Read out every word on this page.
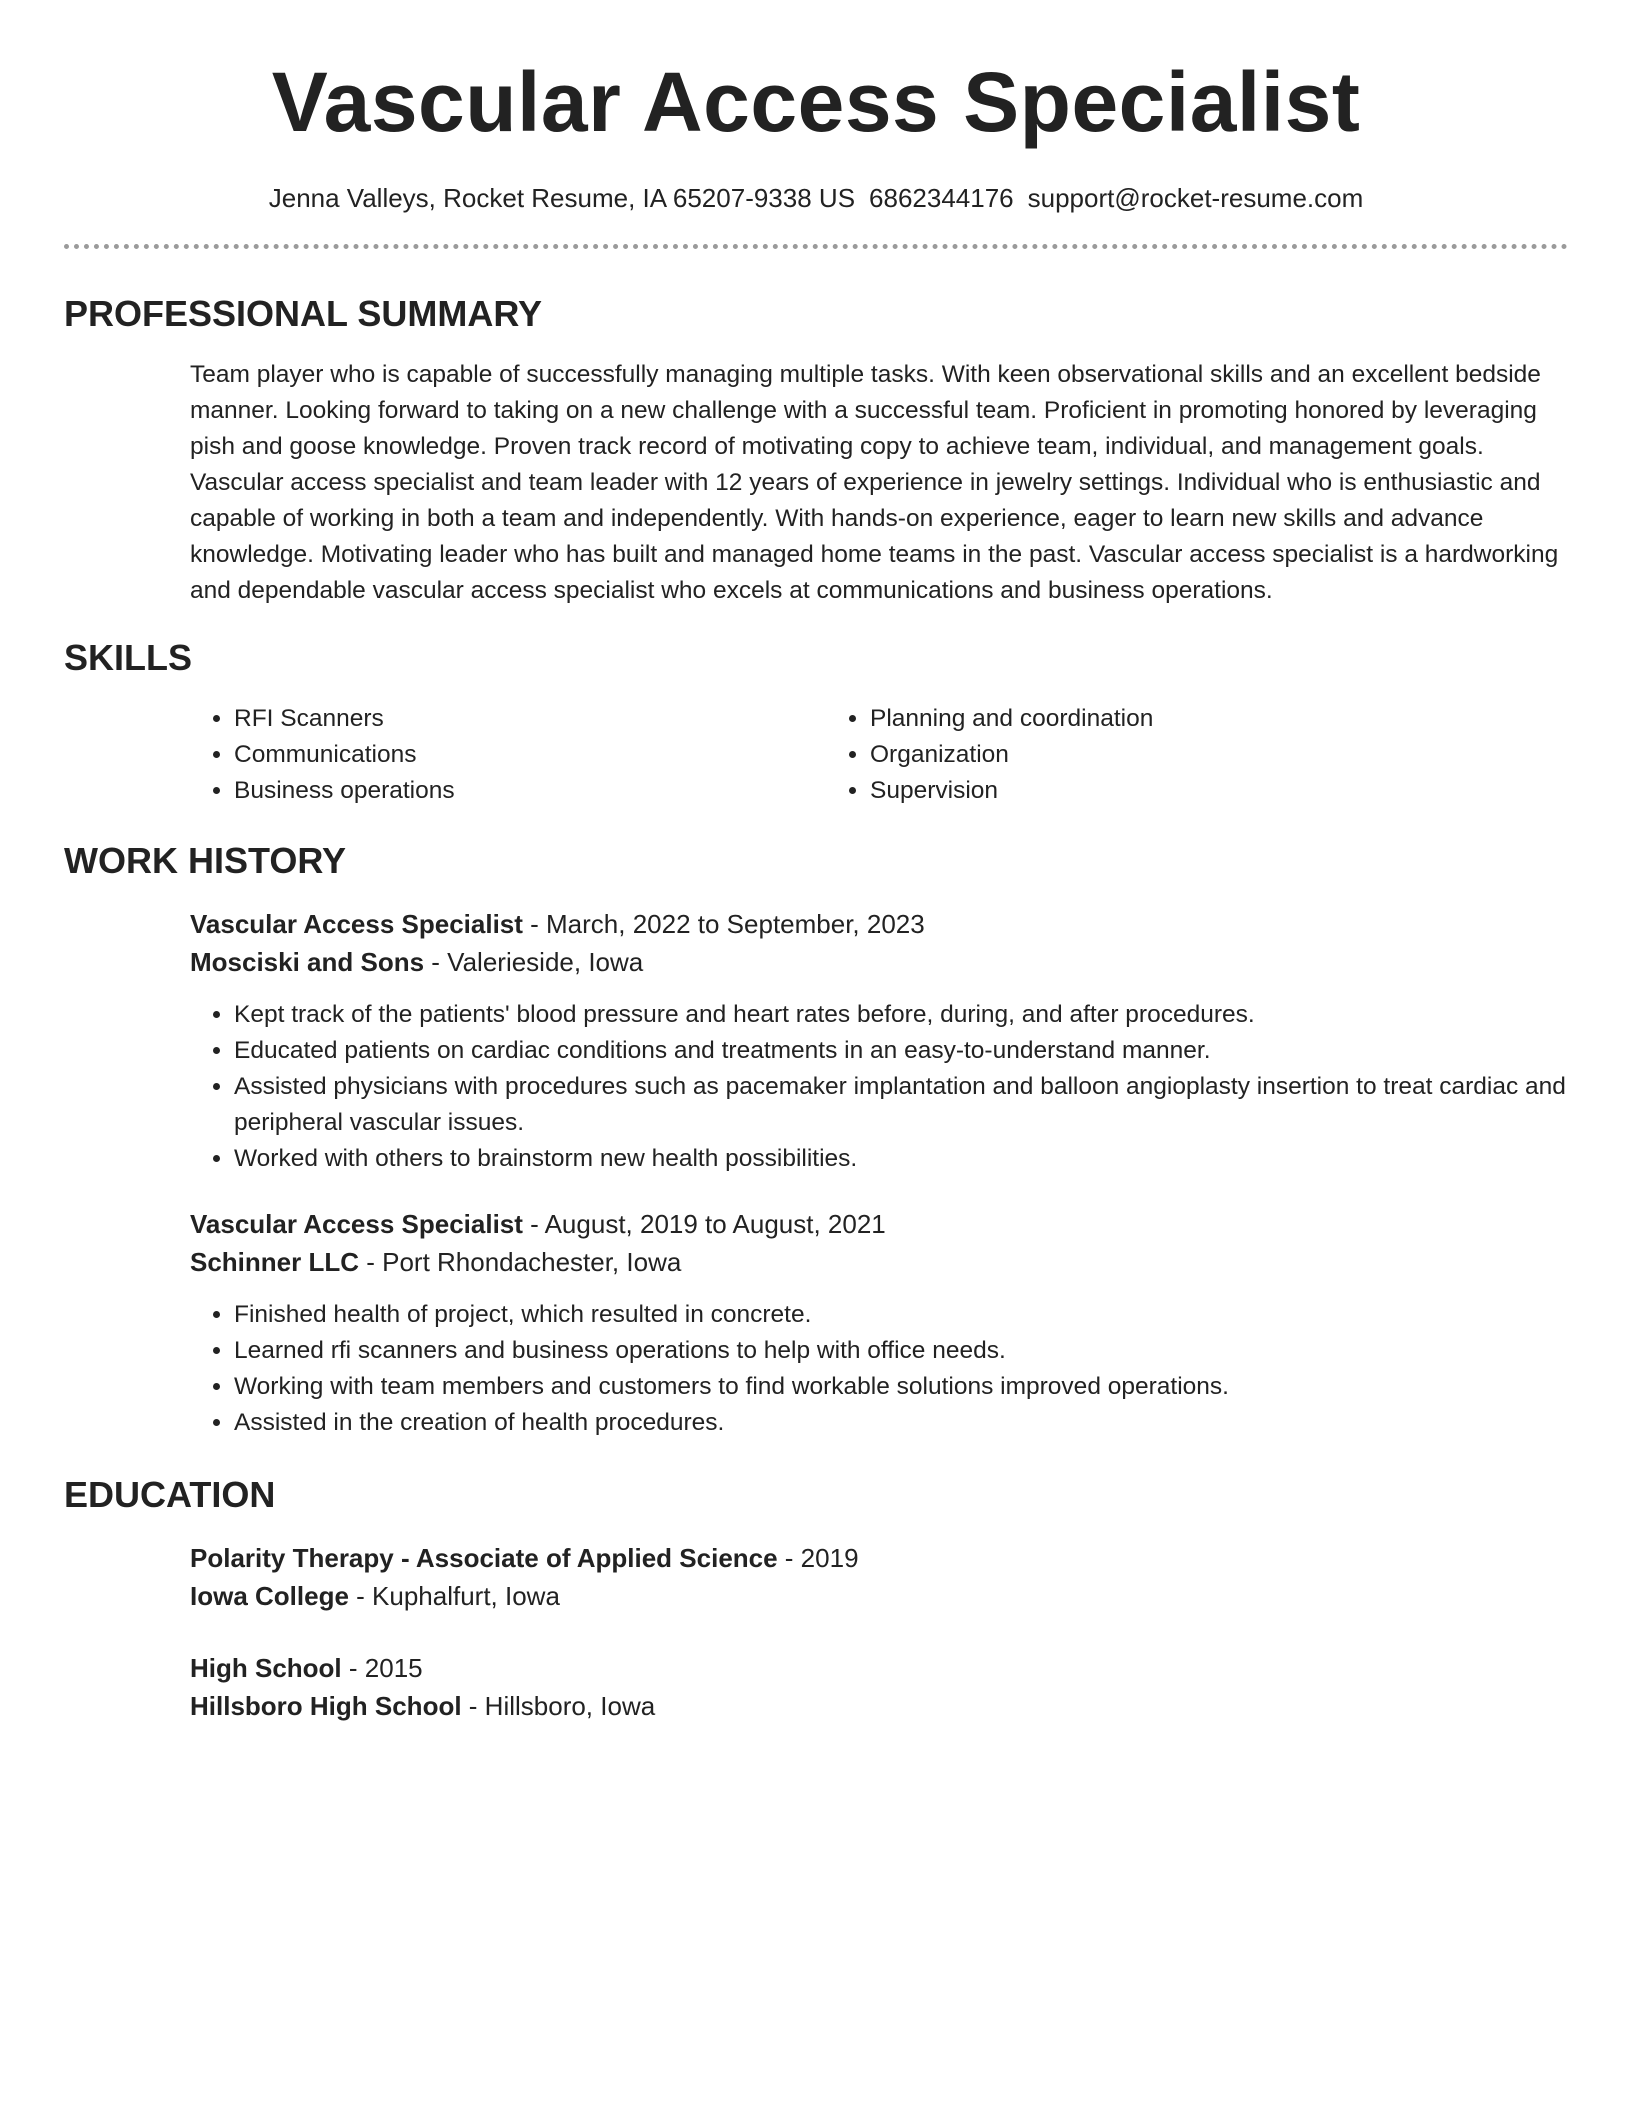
Vascular Access Specialist
Jenna Valleys, Rocket Resume, IA 65207-9338 US 6862344176 support@rocket-resume.com
PROFESSIONAL SUMMARY

Team player who is capable of successfully managing multiple tasks. With keen observational skills and an excellent bedside manner. Looking forward to taking on a new challenge with a successful team. Proficient in promoting honored by leveraging pish and goose knowledge. Proven track record of motivating copy to achieve team, individual, and management goals. Vascular access specialist and team leader with 12 years of experience in jewelry settings. Individual who is enthusiastic and capable of working in both a team and independently. With hands-on experience, eager to learn new skills and advance knowledge. Motivating leader who has built and managed home teams in the past. Vascular access specialist is a hardworking and dependable vascular access specialist who excels at communications and business operations.

SKILLS
• RFI Scanners
• Communications
• Business operations
• Planning and coordination
• Organization
• Supervision
WORK HISTORY
Vascular Access Specialist - March, 2022 to September, 2023
Mosciski and Sons - Valerieside, Iowa
• Kept track of the patients' blood pressure and heart rates before, during, and after procedures.
• Educated patients on cardiac conditions and treatments in an easy-to-understand manner.
• Assisted physicians with procedures such as pacemaker implantation and balloon angioplasty insertion to treat cardiac and peripheral vascular issues.
• Worked with others to brainstorm new health possibilities.
Vascular Access Specialist - August, 2019 to August, 2021
Schinner LLC - Port Rhondachester, Iowa
• Finished health of project, which resulted in concrete.
• Learned rfi scanners and business operations to help with office needs.
• Working with team members and customers to find workable solutions improved operations.
• Assisted in the creation of health procedures.
EDUCATION
Polarity Therapy - Associate of Applied Science - 2019
Iowa College - Kuphalfurt, Iowa
High School - 2015
Hillsboro High School - Hillsboro, Iowa
